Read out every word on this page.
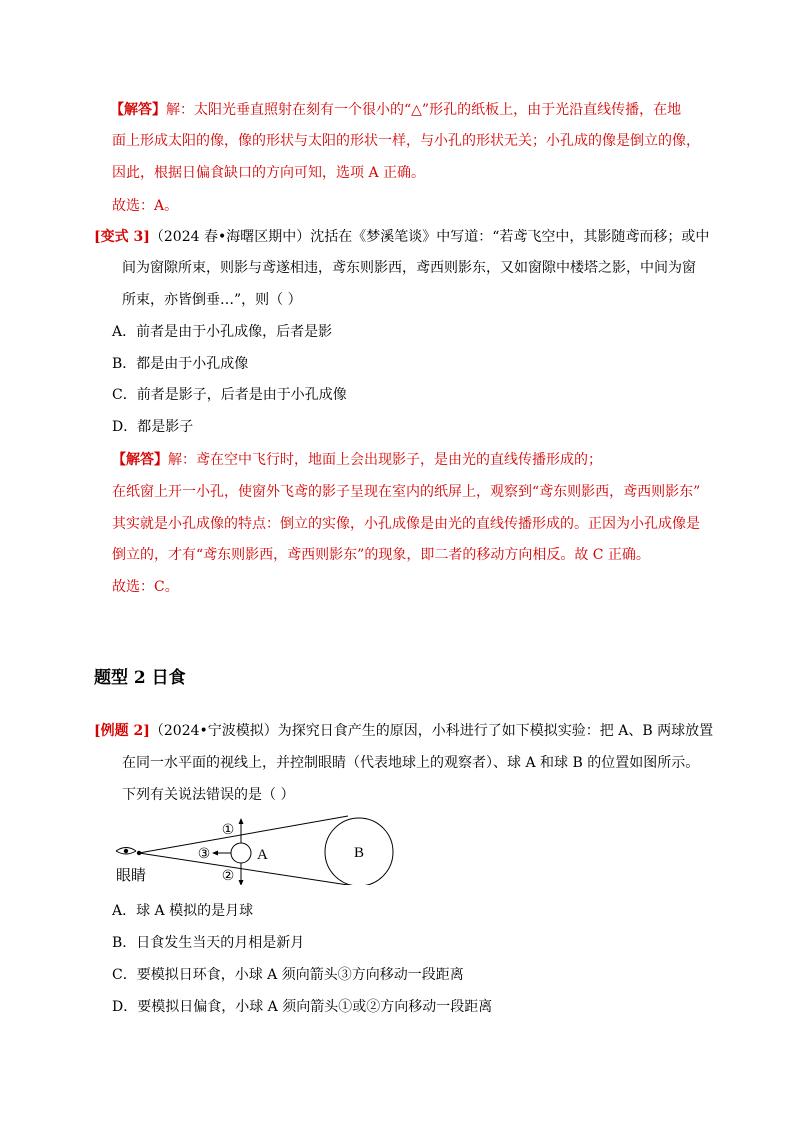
【解答】解：太阳光垂直照射在刻有一个很小的“△”形孔的纸板上，由于光沿直线传播，在地
面上形成太阳的像，像的形状与太阳的形状一样，与小孔的形状无关；小孔成的像是倒立的像，
因此，根据日偏食缺口的方向可知，选项 A 正确。
故选：A。
[变式 3]（2024 春•海曙区期中）沈括在《梦溪笔谈》中写道：“若鸢飞空中，其影随鸢而移；或中
间为窗隙所束，则影与鸢遂相违，鸢东则影西，鸢西则影东，又如窗隙中楼塔之影，中间为窗
所束，亦皆倒垂…”，则（ ）
A．前者是由于小孔成像，后者是影
B．都是由于小孔成像
C．前者是影子，后者是由于小孔成像
D．都是影子
【解答】解：鸢在空中飞行时，地面上会出现影子，是由光的直线传播形成的；
在纸窗上开一小孔，使窗外飞鸢的影子呈现在室内的纸屏上，观察到“鸢东则影西，鸢西则影东”
其实就是小孔成像的特点：倒立的实像，小孔成像是由光的直线传播形成的。正因为小孔成像是
倒立的，才有“鸢东则影西，鸢西则影东”的现象，即二者的移动方向相反。故 C 正确。
故选：C。
题型 2 日食
[例题 2]（2024•宁波模拟）为探究日食产生的原因，小科进行了如下模拟实验：把 A、B 两球放置
在同一水平面的视线上，并控制眼睛（代表地球上的观察者）、球 A 和球 B 的位置如图所示。
下列有关说法错误的是（ ）
A	B
①
②
③
眼睛
A．球 A 模拟的是月球
B．日食发生当天的月相是新月
C．要模拟日环食，小球 A 须向箭头③方向移动一段距离
D．要模拟日偏食，小球 A 须向箭头①或②方向移动一段距离
